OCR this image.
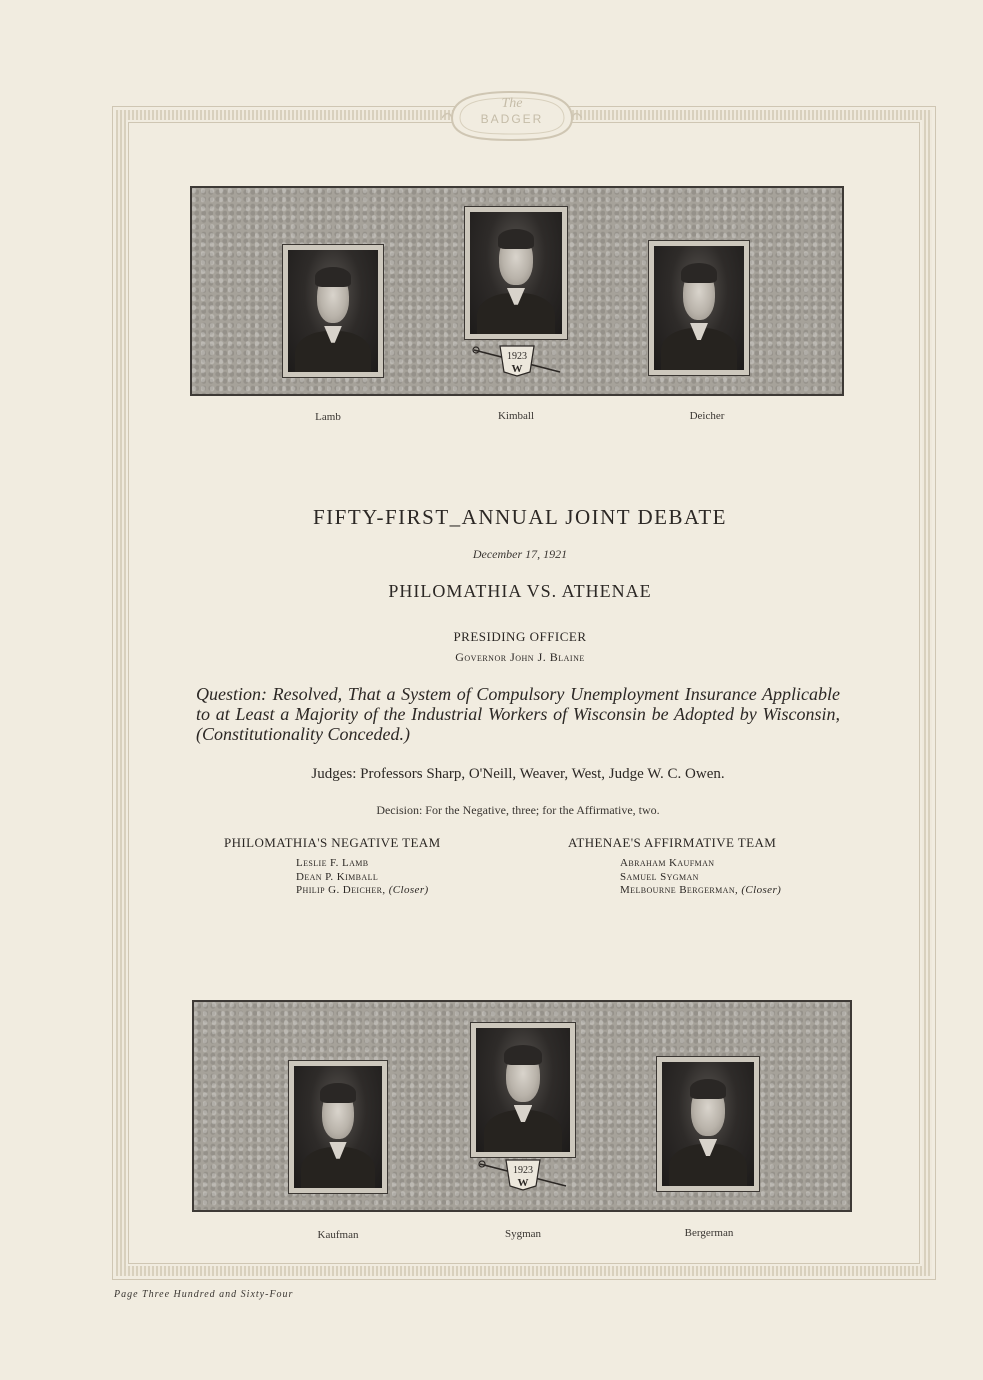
The
BADGER
1923
W
Lamb	Kimball	Deicher
FIFTY-FIRST_ANNUAL JOINT DEBATE
December 17, 1921
PHILOMATHIA VS. ATHENAE
PRESIDING OFFICER
Governor John J. Blaine
Question: Resolved, That a System of Compulsory Unemployment Insurance Applicable to at Least a Majority of the Industrial Workers of Wisconsin be Adopted by Wisconsin, (Constitutionality Conceded.)
Judges: Professors Sharp, O'Neill, Weaver, West, Judge W. C. Owen.
Decision: For the Negative, three; for the Affirmative, two.
PHILOMATHIA'S NEGATIVE TEAM
Leslie F. Lamb
Dean P. Kimball
Philip G. Deicher, (Closer)
ATHENAE'S AFFIRMATIVE TEAM
Abraham Kaufman
Samuel Sygman
Melbourne Bergerman, (Closer)
1923
W
Kaufman	Sygman	Bergerman
Page Three Hundred and Sixty-Four
